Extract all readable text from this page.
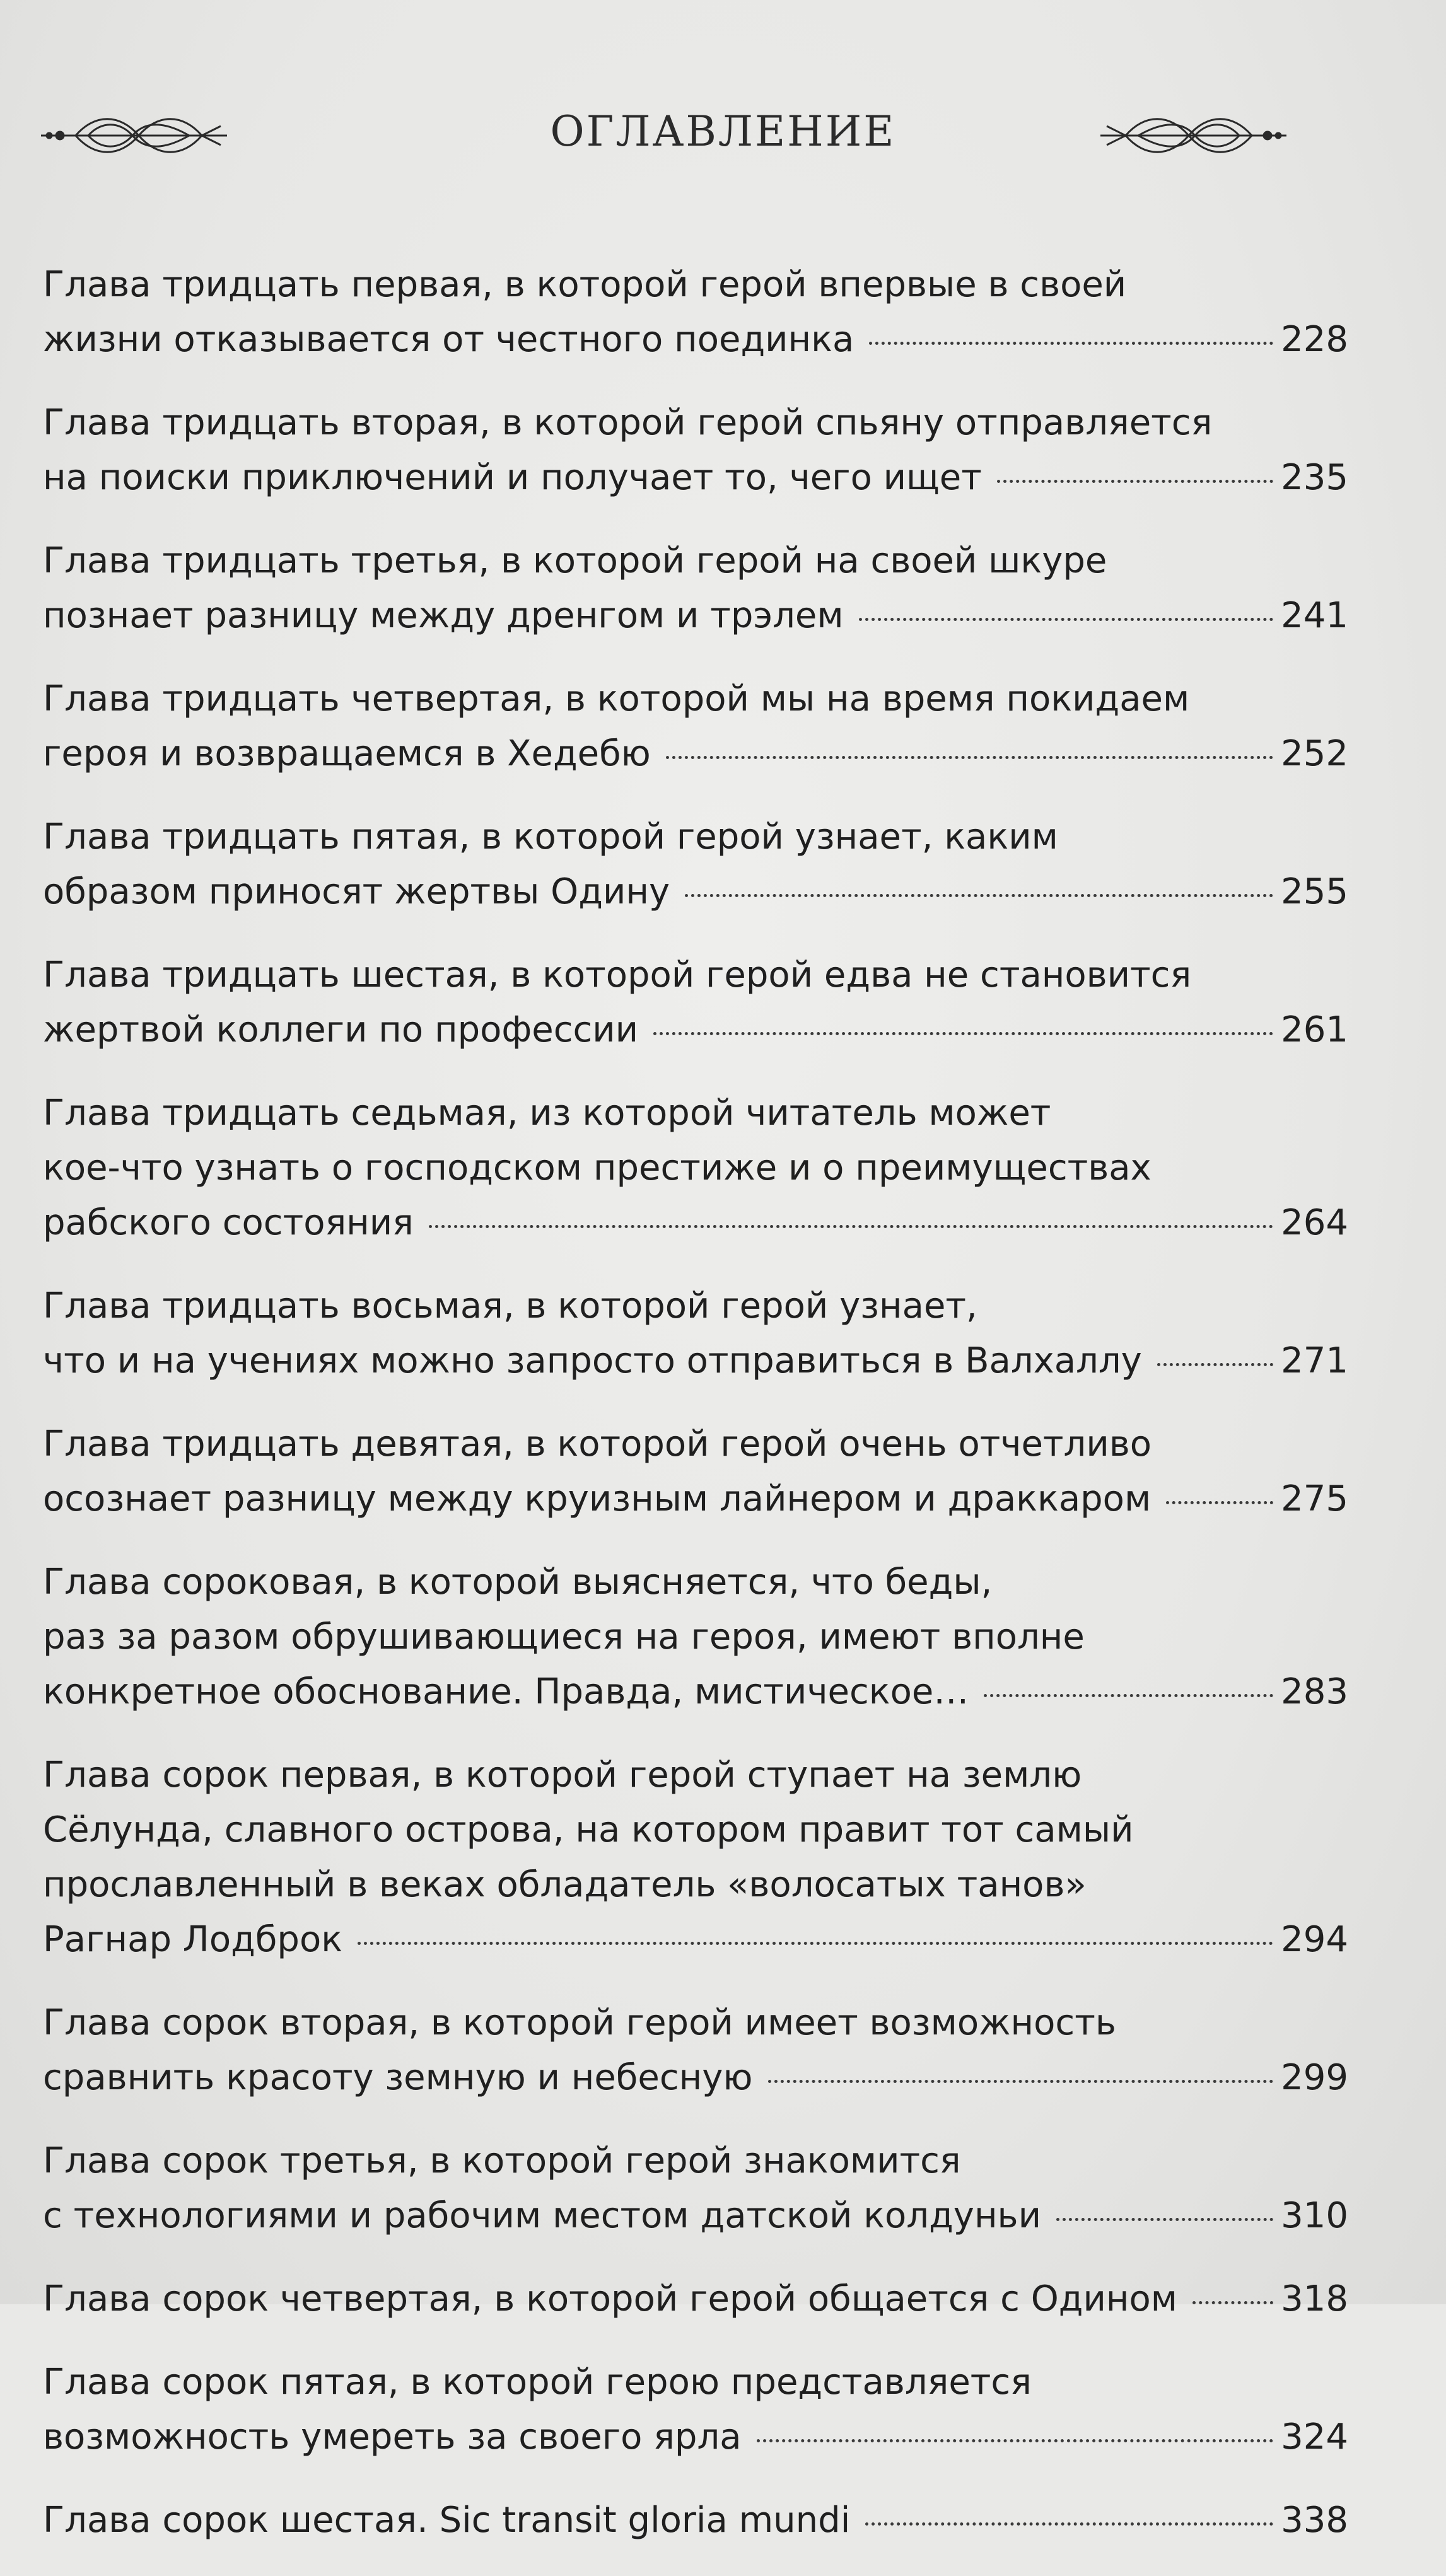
ОГЛАВЛЕНИЕ
Глава тридцать первая, в которой герой впервые в своей
жизни отказывается от честного поединка	228
Глава тридцать вторая, в которой герой спьяну отправляется
на поиски приключений и получает то, чего ищет	235
Глава тридцать третья, в которой герой на своей шкуре
познает разницу между дренгом и трэлем	241
Глава тридцать четвертая, в которой мы на время покидаем
героя и возвращаемся в Хедебю	252
Глава тридцать пятая, в которой герой узнает, каким
образом приносят жертвы Одину	255
Глава тридцать шестая, в которой герой едва не становится
жертвой коллеги по профессии	261
Глава тридцать седьмая, из которой читатель может
кое-что узнать о господском престиже и о преимуществах
рабского состояния	264
Глава тридцать восьмая, в которой герой узнает,
что и на учениях можно запросто отправиться в Валхаллу	271
Глава тридцать девятая, в которой герой очень отчетливо
осознает разницу между круизным лайнером и драккаром	275
Глава сороковая, в которой выясняется, что беды,
раз за разом обрушивающиеся на героя, имеют вполне
конкретное обоснование. Правда, мистическое…	283
Глава сорок первая, в которой герой ступает на землю
Сёлунда, славного острова, на котором правит тот самый
прославленный в веках обладатель «волосатых танов»
Рагнар Лодброк	294
Глава сорок вторая, в которой герой имеет возможность
сравнить красоту земную и небесную	299
Глава сорок третья, в которой герой знакомится
с технологиями и рабочим местом датской колдуньи	310
Глава сорок четвертая, в которой герой общается с Одином	318
Глава сорок пятая, в которой герою представляется
возможность умереть за своего ярла	324
Глава сорок шестая. Sic transit gloria mundi	338
